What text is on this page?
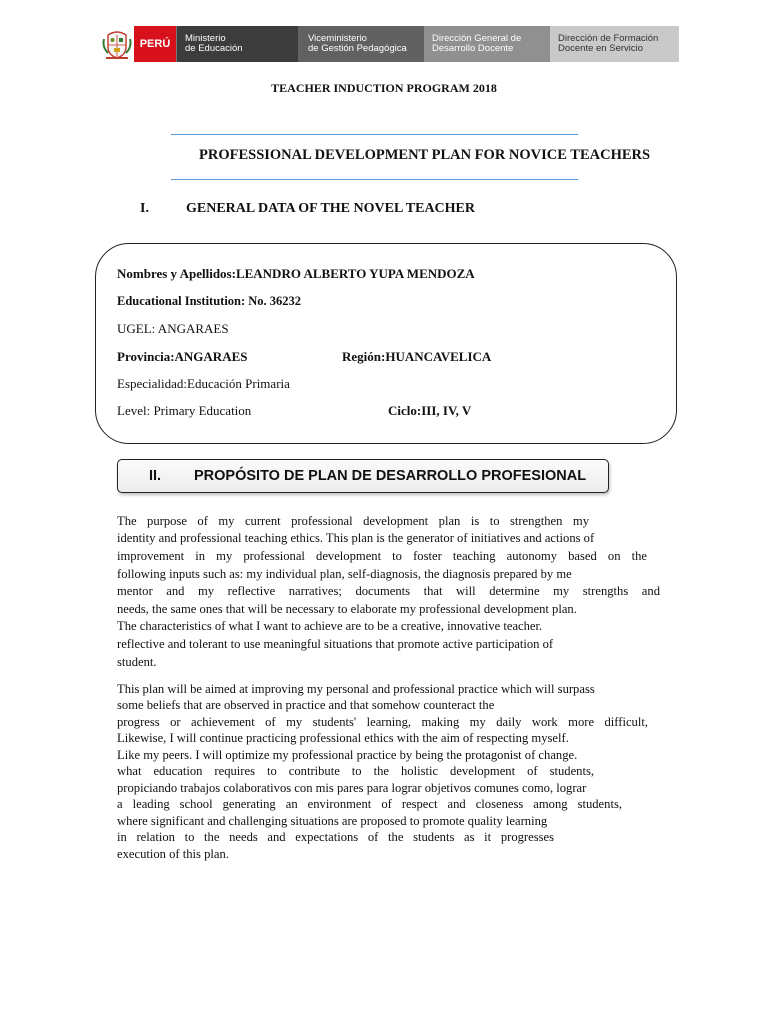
PERÚ	Ministerio
de Educación
Viceministerio
de Gestión Pedagógica
Dirección General de
Desarrollo Docente
Dirección de Formación
Docente en Servicio
TEACHER INDUCTION PROGRAM 2018
PROFESSIONAL DEVELOPMENT PLAN FOR NOVICE TEACHERS
I.	GENERAL DATA OF THE NOVEL TEACHER
Nombres y Apellidos:LEANDRO ALBERTO YUPA MENDOZA
Educational Institution: No. 36232
UGEL: ANGARAES
Provincia:ANGARAES	Región:HUANCAVELICA
Especialidad:Educación Primaria
Level: Primary Education	Ciclo:III, IV, V
II. PROPÓSITO DE PLAN DE DESARROLLO PROFESIONAL
The purpose of my current professional development plan is to strengthen my
identity and professional teaching ethics. This plan is the generator of initiatives and actions of
improvement in my professional development to foster teaching autonomy based on the
following inputs such as: my individual plan, self-diagnosis, the diagnosis prepared by me
mentor and my reflective narratives; documents that will determine my strengths and
needs, the same ones that will be necessary to elaborate my professional development plan.
The characteristics of what I want to achieve are to be a creative, innovative teacher.
reflective and tolerant to use meaningful situations that promote active participation of
student.
This plan will be aimed at improving my personal and professional practice which will surpass
some beliefs that are observed in practice and that somehow counteract the
progress or achievement of my students' learning, making my daily work more difficult,
Likewise, I will continue practicing professional ethics with the aim of respecting myself.
Like my peers. I will optimize my professional practice by being the protagonist of change.
what education requires to contribute to the holistic development of students,
propiciando trabajos colaborativos con mis pares para lograr objetivos comunes como, lograr
a leading school generating an environment of respect and closeness among students,
where significant and challenging situations are proposed to promote quality learning
in relation to the needs and expectations of the students as it progresses
execution of this plan.
